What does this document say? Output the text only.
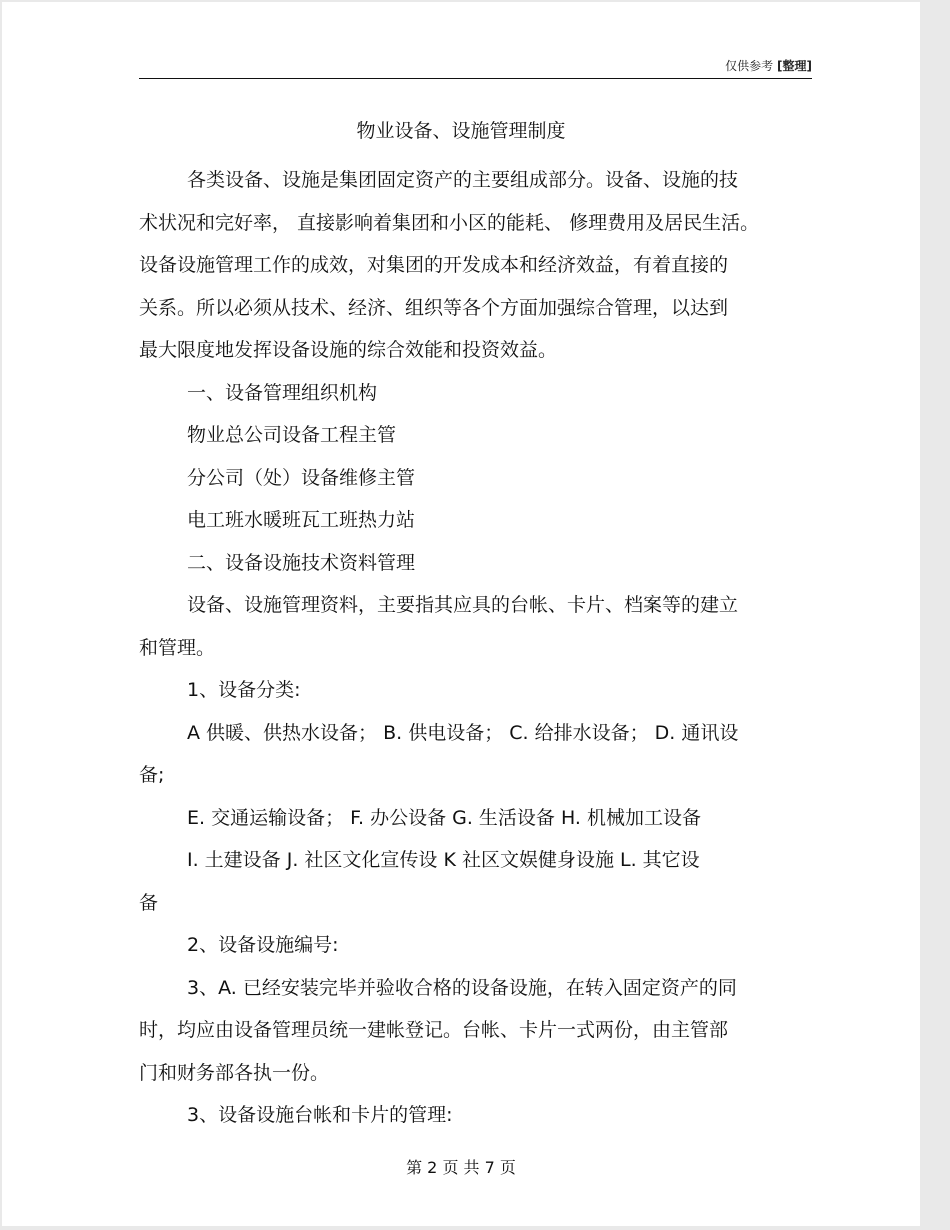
仅供参考 [整理]
物业设备、设施管理制度

各类设备、设施是集团固定资产的主要组成部分。设备、设施的技

术状况和完好率， 直接影响着集团和小区的能耗、 修理费用及居民生活。

设备设施管理工作的成效，对集团的开发成本和经济效益，有着直接的

关系。所以必须从技术、经济、组织等各个方面加强综合管理，以达到

最大限度地发挥设备设施的综合效能和投资效益。

一、设备管理组织机构

物业总公司设备工程主管

分公司（处）设备维修主管

电工班水暖班瓦工班热力站

二、设备设施技术资料管理

设备、设施管理资料，主要指其应具的台帐、卡片、档案等的建立

和管理。

1、设备分类:

A 供暖、供热水设备； B. 供电设备； C. 给排水设备； D. 通讯设

备;

E. 交通运输设备； F. 办公设备 G. 生活设备 H. 机械加工设备

I. 土建设备 J. 社区文化宣传设 K 社区文娱健身设施 L. 其它设

备

2、设备设施编号:

3、A. 已经安装完毕并验收合格的设备设施，在转入固定资产的同

时，均应由设备管理员统一建帐登记。台帐、卡片一式两份，由主管部

门和财务部各执一份。

3、设备设施台帐和卡片的管理:

第 2 页 共 7 页
